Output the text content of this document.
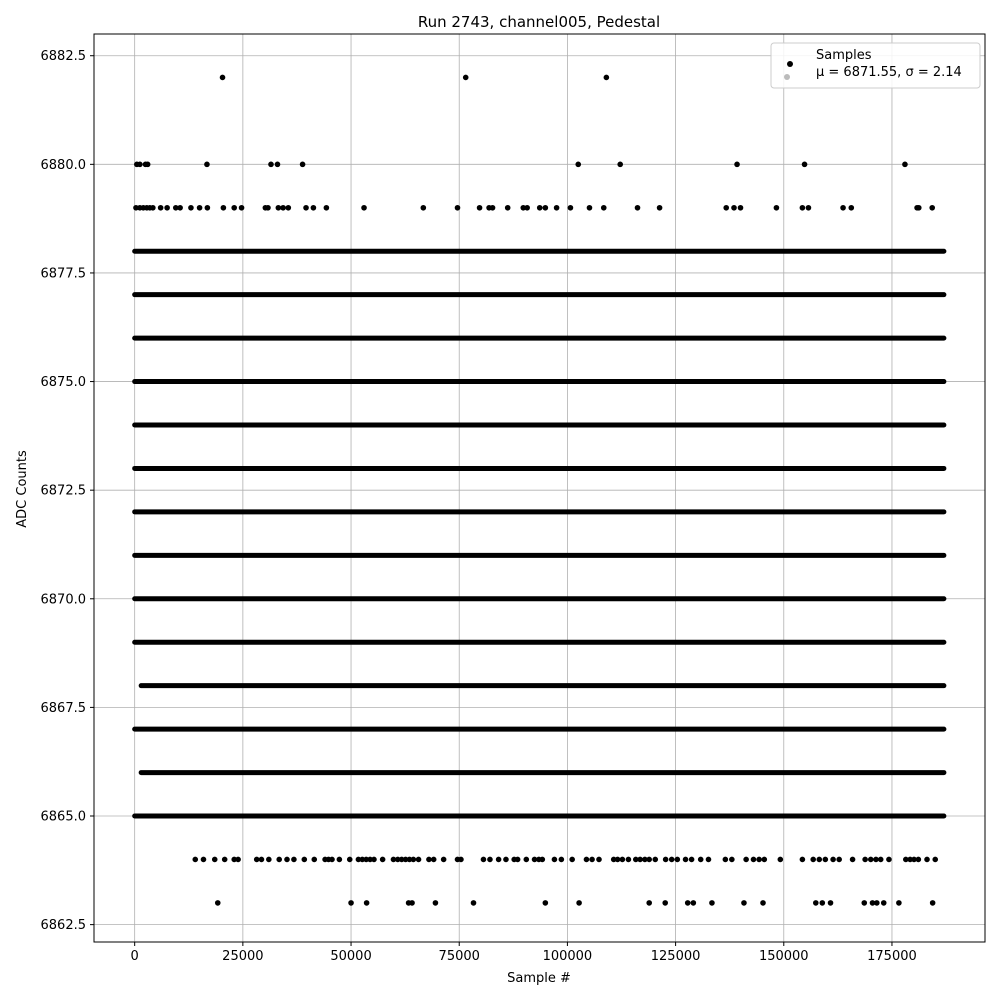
Run 2743, channel005, Pedestal
0	25000	50000	75000	100000	125000	150000	175000
6862.5
6865.0
6867.5
6870.0
6872.5
6875.0
6877.5
6880.0
6882.5
Sample #
ADC Counts
Samples
μ = 6871.55, σ = 2.14
